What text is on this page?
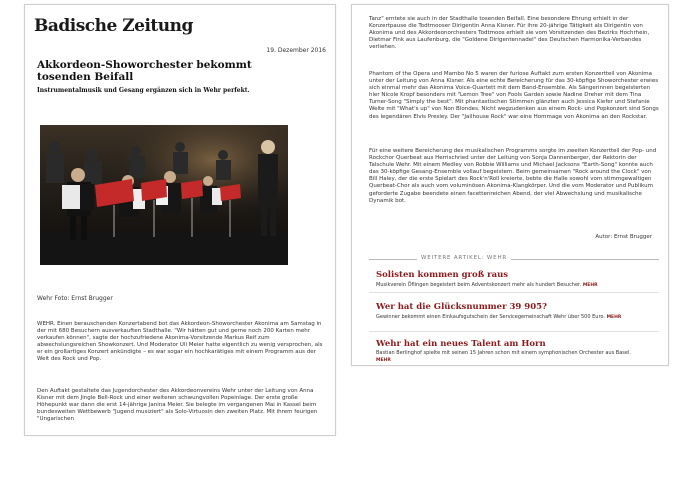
Badische Zeitung
19. Dezember 2016
Akkordeon-Showorchester bekommt tosenden Beifall
Instrumentalmusik und Gesang ergänzen sich in Wehr perfekt.
Wehr Foto: Ernst Brugger

WEHR. Einen berauschenden Konzertabend bot das Akkordeon-Showorchester Akonima am Samstag in der mit 680 Besuchern ausverkauften Stadthalle. "Wir hätten gut und gerne noch 200 Karten mehr verkaufen können", sagte der hochzufriedene Akonima-Vorsitzende Markus Reif zum abwechslungsreichen Showkonzert. Und Moderator Uli Meier hatte eigentlich zu wenig versprochen, als er ein großartiges Konzert ankündigte – es war sogar ein hochkarätiges mit einem Programm aus der Welt des Rock und Pop.

Den Auftakt gestaltete das Jugendorchester des Akkordeonvereins Wehr unter der Leitung von Anna Kisner mit dem Jingle Bell-Rock und einer weiteren schwungvollen Popeinlage. Der erste große Höhepunkt war dann die erst 14-jährige Janina Meier. Sie belegte im vergangenen Mai in Kassel beim bundesweiten Wettbewerb "Jugend musiziert" als Solo-Virtuosin den zweiten Platz. Mit ihrem feurigen "Ungarischen

Tanz" erntete sie auch in der Stadthalle tosenden Beifall. Eine besondere Ehrung erhielt in der Konzertpause die Todtmooser Dirigentin Anna Kisner. Für ihre 20-jährige Tätigkeit als Dirigentin von Akonima und des Akkordeonorchesters Todtmoos erhielt sie vom Vorsitzenden des Bezirks Hochrhein, Dietmar Fink aus Laufenburg, die "Goldene Dirigentennadel" des Deutschen Harmonika-Verbandes verliehen.

Phantom of the Opera und Mambo No 5 waren der furiose Auftakt zum ersten Konzertteil von Akonima unter der Leitung von Anna Kisner. Als eine echte Bereicherung für das 30-köpfige Showorchester erwies sich einmal mehr das Akonima Voice-Quartett mit dem Band-Ensemble. Als Sängerinnen begeisterten hier Nicole Kropf besonders mit "Lemon Tree" von Fools Garden sowie Nadine Dreher mit dem Tina Turner-Song "Simply the best". Mit phantastischen Stimmen glänzten auch Jessica Kiefer und Stefanie Welte mit "What's up" von Non Blondes. Nicht wegzudenken aus einem Rock- und Popkonzert sind Songs des legendären Elvis Presley. Der "Jailhouse Rock" war eine Hommage von Akonima an den Rockstar.

Für eine weitere Bereicherung des musikalischen Programms sorgte im zweiten Konzertteil der Pop- und Rockchor Querbeat aus Herrischried unter der Leitung von Sonja Dannenberger, der Rektorin der Talschule Wehr. Mit einem Medley von Robbie Williams und Michael Jacksons "Earth-Song" konnte auch das 30-köpfige Gesang-Ensemble vollauf begeistern. Beim gemeinsamen "Rock around the Clock" von Bill Haley, der die erste Spielart des Rock'n'Roll kreierte, bebte die Halle sowohl vom stimmgewaltigen Querbeat-Chor als auch vom voluminösen Akonima-Klangkörper. Und die vom Moderator und Publikum geforderte Zugabe beendete einen facettenreichen Abend, der viel Abwechslung und musikalische Dynamik bot.

Autor: Ernst Brugger
WEITERE ARTIKEL: WEHR
Solisten kommen groß raus

Musikverein Öflingen begeistert beim Adventskonzert mehr als hundert Besucher. MEHR

Wer hat die Glücksnummer 39 905?

Gewinner bekommt einen Einkaufsgutschein der Servicegemeinschaft Wehr über 500 Euro. MEHR

Wehr hat ein neues Talent am Horn

Bastian Berlinghof spielte mit seinen 15 Jahren schon mit einem symphonischen Orchester aus Basel. MEHR
